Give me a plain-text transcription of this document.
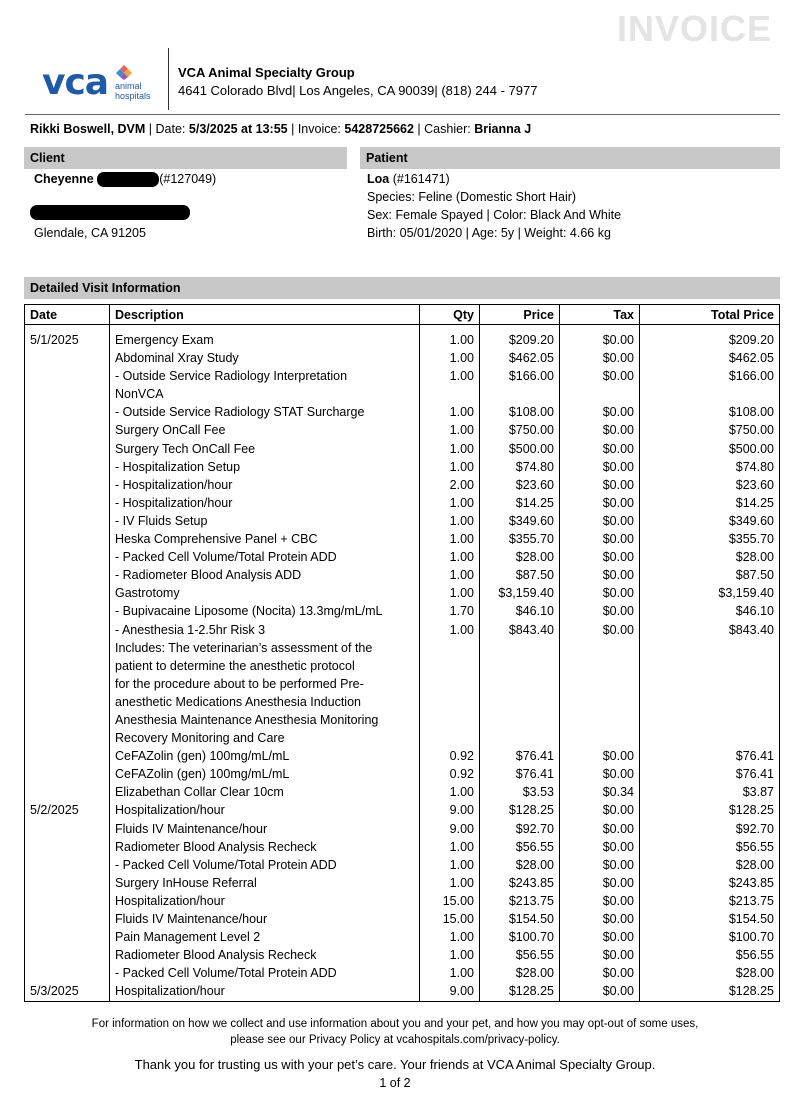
INVOICE
vca animal
hospitals
VCA Animal Specialty Group
4641 Colorado Blvd| Los Angeles, CA 90039| (818) 244 - 7977
Rikki Boswell, DVM | Date: 5/3/2025 at 13:55 | Invoice: 5428725662 | Cashier: Brianna J
Client	Patient
Cheyenne	(#127049)
Glendale, CA 91205
Loa (#161471)
Species: Feline (Domestic Short Hair)
Sex: Female Spayed | Color: Black And White
Birth: 05/01/2020 | Age: 5y | Weight: 4.66 kg
Detailed Visit Information
Date	Description	Qty	Price	Tax	Total Price
5/1/2025	Emergency Exam	1.00	$209.20	$0.00	$209.20
	Abdominal Xray Study	1.00	$462.05	$0.00	$462.05
	- Outside Service Radiology Interpretation	1.00	$166.00	$0.00	$166.00
	NonVCA				
	- Outside Service Radiology STAT Surcharge	1.00	$108.00	$0.00	$108.00
	Surgery OnCall Fee	1.00	$750.00	$0.00	$750.00
	Surgery Tech OnCall Fee	1.00	$500.00	$0.00	$500.00
	- Hospitalization Setup	1.00	$74.80	$0.00	$74.80
	- Hospitalization/hour	2.00	$23.60	$0.00	$23.60
	- Hospitalization/hour	1.00	$14.25	$0.00	$14.25
	- IV Fluids Setup	1.00	$349.60	$0.00	$349.60
	Heska Comprehensive Panel + CBC	1.00	$355.70	$0.00	$355.70
	- Packed Cell Volume/Total Protein ADD	1.00	$28.00	$0.00	$28.00
	- Radiometer Blood Analysis ADD	1.00	$87.50	$0.00	$87.50
	Gastrotomy	1.00	$3,159.40	$0.00	$3,159.40
	- Bupivacaine Liposome (Nocita) 13.3mg/mL/mL	1.70	$46.10	$0.00	$46.10
	- Anesthesia 1-2.5hr Risk 3	1.00	$843.40	$0.00	$843.40
	Includes: The veterinarian’s assessment of the				
	patient to determine the anesthetic protocol				
	for the procedure about to be performed Pre-				
	anesthetic Medications Anesthesia Induction				
	Anesthesia Maintenance Anesthesia Monitoring				
	Recovery Monitoring and Care				
	CeFAZolin (gen) 100mg/mL/mL	0.92	$76.41	$0.00	$76.41
	CeFAZolin (gen) 100mg/mL/mL	0.92	$76.41	$0.00	$76.41
	Elizabethan Collar Clear 10cm	1.00	$3.53	$0.34	$3.87
5/2/2025	Hospitalization/hour	9.00	$128.25	$0.00	$128.25
	Fluids IV Maintenance/hour	9.00	$92.70	$0.00	$92.70
	Radiometer Blood Analysis Recheck	1.00	$56.55	$0.00	$56.55
	- Packed Cell Volume/Total Protein ADD	1.00	$28.00	$0.00	$28.00
	Surgery InHouse Referral	1.00	$243.85	$0.00	$243.85
	Hospitalization/hour	15.00	$213.75	$0.00	$213.75
	Fluids IV Maintenance/hour	15.00	$154.50	$0.00	$154.50
	Pain Management Level 2	1.00	$100.70	$0.00	$100.70
	Radiometer Blood Analysis Recheck	1.00	$56.55	$0.00	$56.55
	- Packed Cell Volume/Total Protein ADD	1.00	$28.00	$0.00	$28.00
5/3/2025	Hospitalization/hour	9.00	$128.25	$0.00	$128.25
For information on how we collect and use information about you and your pet, and how you may opt-out of some uses,
please see our Privacy Policy at vcahospitals.com/privacy-policy.
Thank you for trusting us with your pet’s care. Your friends at VCA Animal Specialty Group.
1 of 2
